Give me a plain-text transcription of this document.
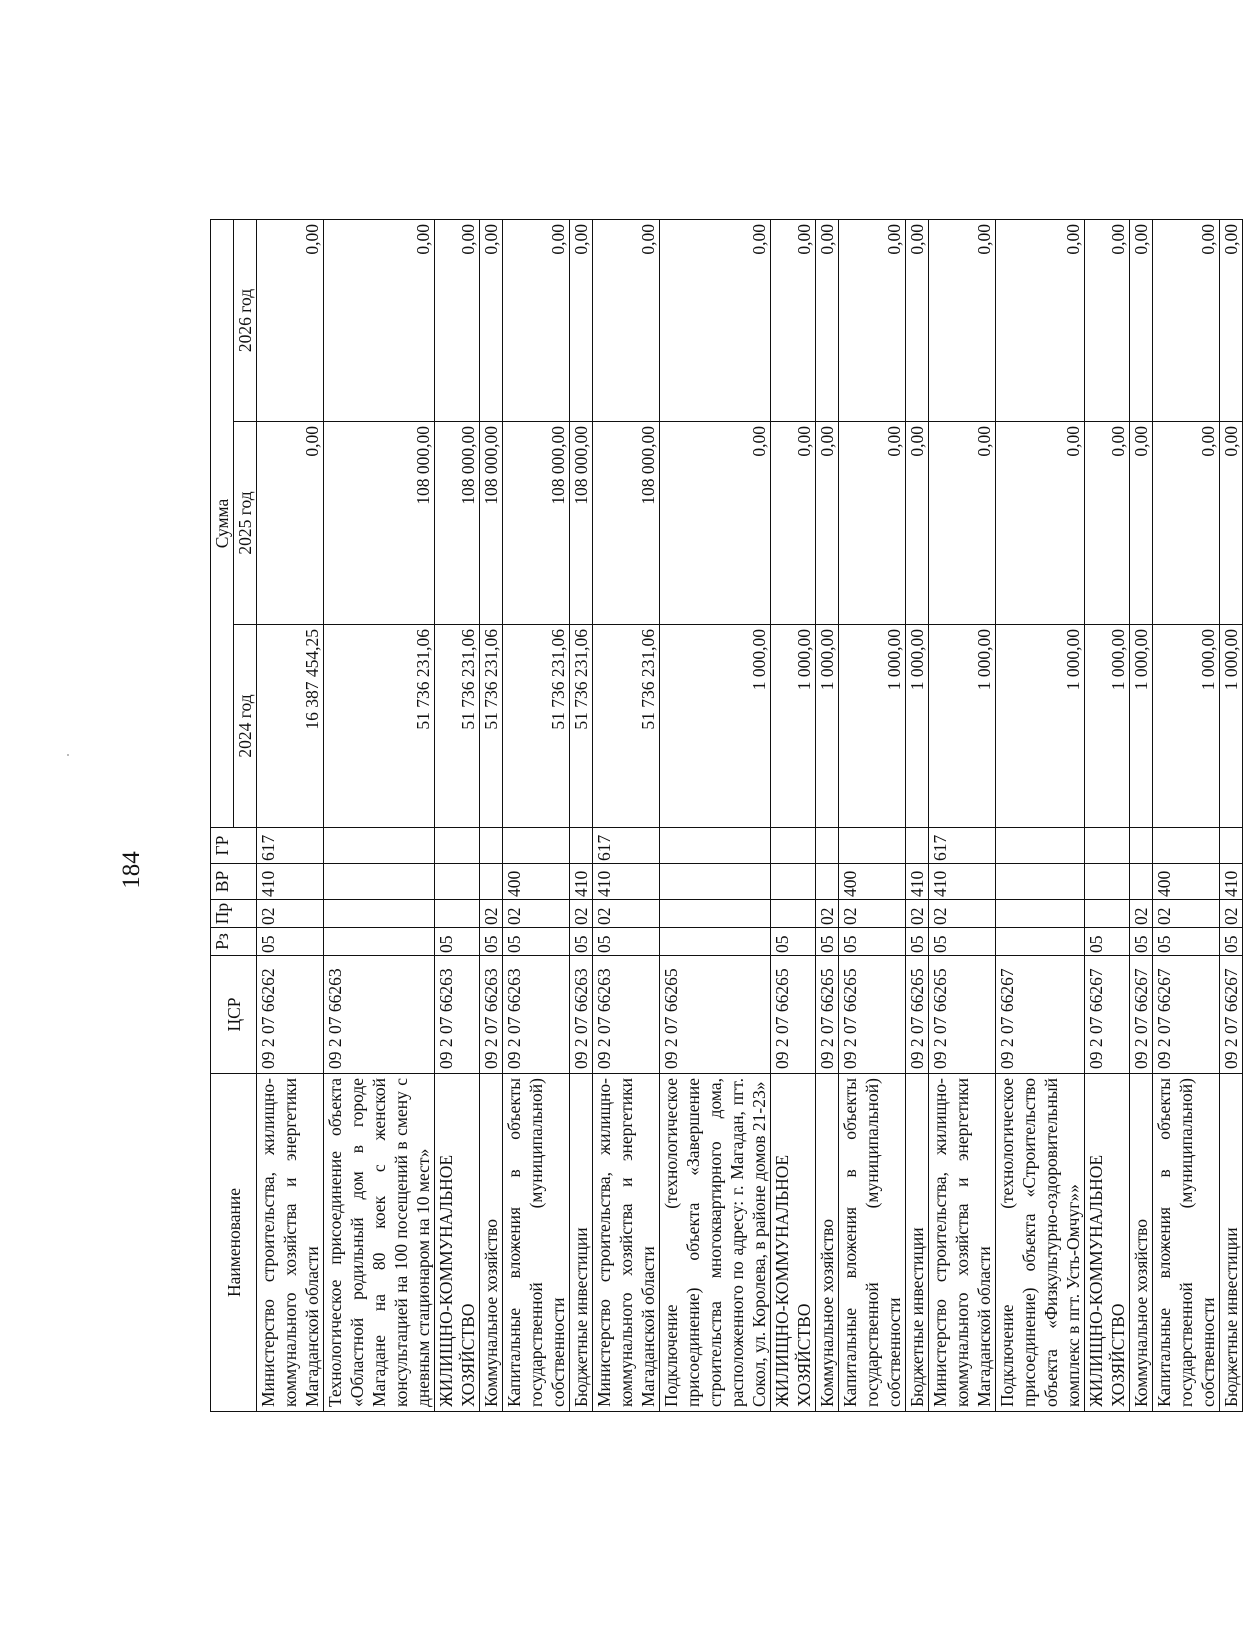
184
Наименование	ЦСР	Рз	Пр	ВР	ГР	Сумма		
						2024 год	2025 год	2026 год
Министерство строительства, жилищно-коммунального хозяйства и энергетики Магаданской области	09 2 07 66262	05	02	410	617	16 387 454,25	0,00	0,00
Технологическое присоединение объекта «Областной родильный дом в городе Магадане на 80 коек с женской консультацией на 100 посещений в смену с дневным стационаром на 10 мест»	09 2 07 66263					51 736 231,06	108 000,00	0,00
ЖИЛИЩНО-КОММУНАЛЬНОЕ ХОЗЯЙСТВО	09 2 07 66263	05				51 736 231,06	108 000,00	0,00
Коммунальное хозяйство	09 2 07 66263	05	02			51 736 231,06	108 000,00	0,00
Капитальные вложения в объекты государственной (муниципальной) собственности	09 2 07 66263	05	02	400		51 736 231,06	108 000,00	0,00
Бюджетные инвестиции	09 2 07 66263	05	02	410		51 736 231,06	108 000,00	0,00
Министерство строительства, жилищно-коммунального хозяйства и энергетики Магаданской области	09 2 07 66263	05	02	410	617	51 736 231,06	108 000,00	0,00
Подключение (технологическое присоединение) объекта «Завершение строительства многоквартирного дома, расположенного по адресу: г. Магадан, пгт. Сокол, ул. Королева, в районе домов 21-23»	09 2 07 66265					1 000,00	0,00	0,00
ЖИЛИЩНО-КОММУНАЛЬНОЕ ХОЗЯЙСТВО	09 2 07 66265	05				1 000,00	0,00	0,00
Коммунальное хозяйство	09 2 07 66265	05	02			1 000,00	0,00	0,00
Капитальные вложения в объекты государственной (муниципальной) собственности	09 2 07 66265	05	02	400		1 000,00	0,00	0,00
Бюджетные инвестиции	09 2 07 66265	05	02	410		1 000,00	0,00	0,00
Министерство строительства, жилищно-коммунального хозяйства и энергетики Магаданской области	09 2 07 66265	05	02	410	617	1 000,00	0,00	0,00
Подключение (технологическое присоединение) объекта «Строительство объекта «Физкультурно-оздоровительный комплекс в пгт. Усть-Омчуг»»	09 2 07 66267					1 000,00	0,00	0,00
ЖИЛИЩНО-КОММУНАЛЬНОЕ ХОЗЯЙСТВО	09 2 07 66267	05				1 000,00	0,00	0,00
Коммунальное хозяйство	09 2 07 66267	05	02			1 000,00	0,00	0,00
Капитальные вложения в объекты государственной (муниципальной) собственности	09 2 07 66267	05	02	400		1 000,00	0,00	0,00
Бюджетные инвестиции	09 2 07 66267	05	02	410		1 000,00	0,00	0,00
